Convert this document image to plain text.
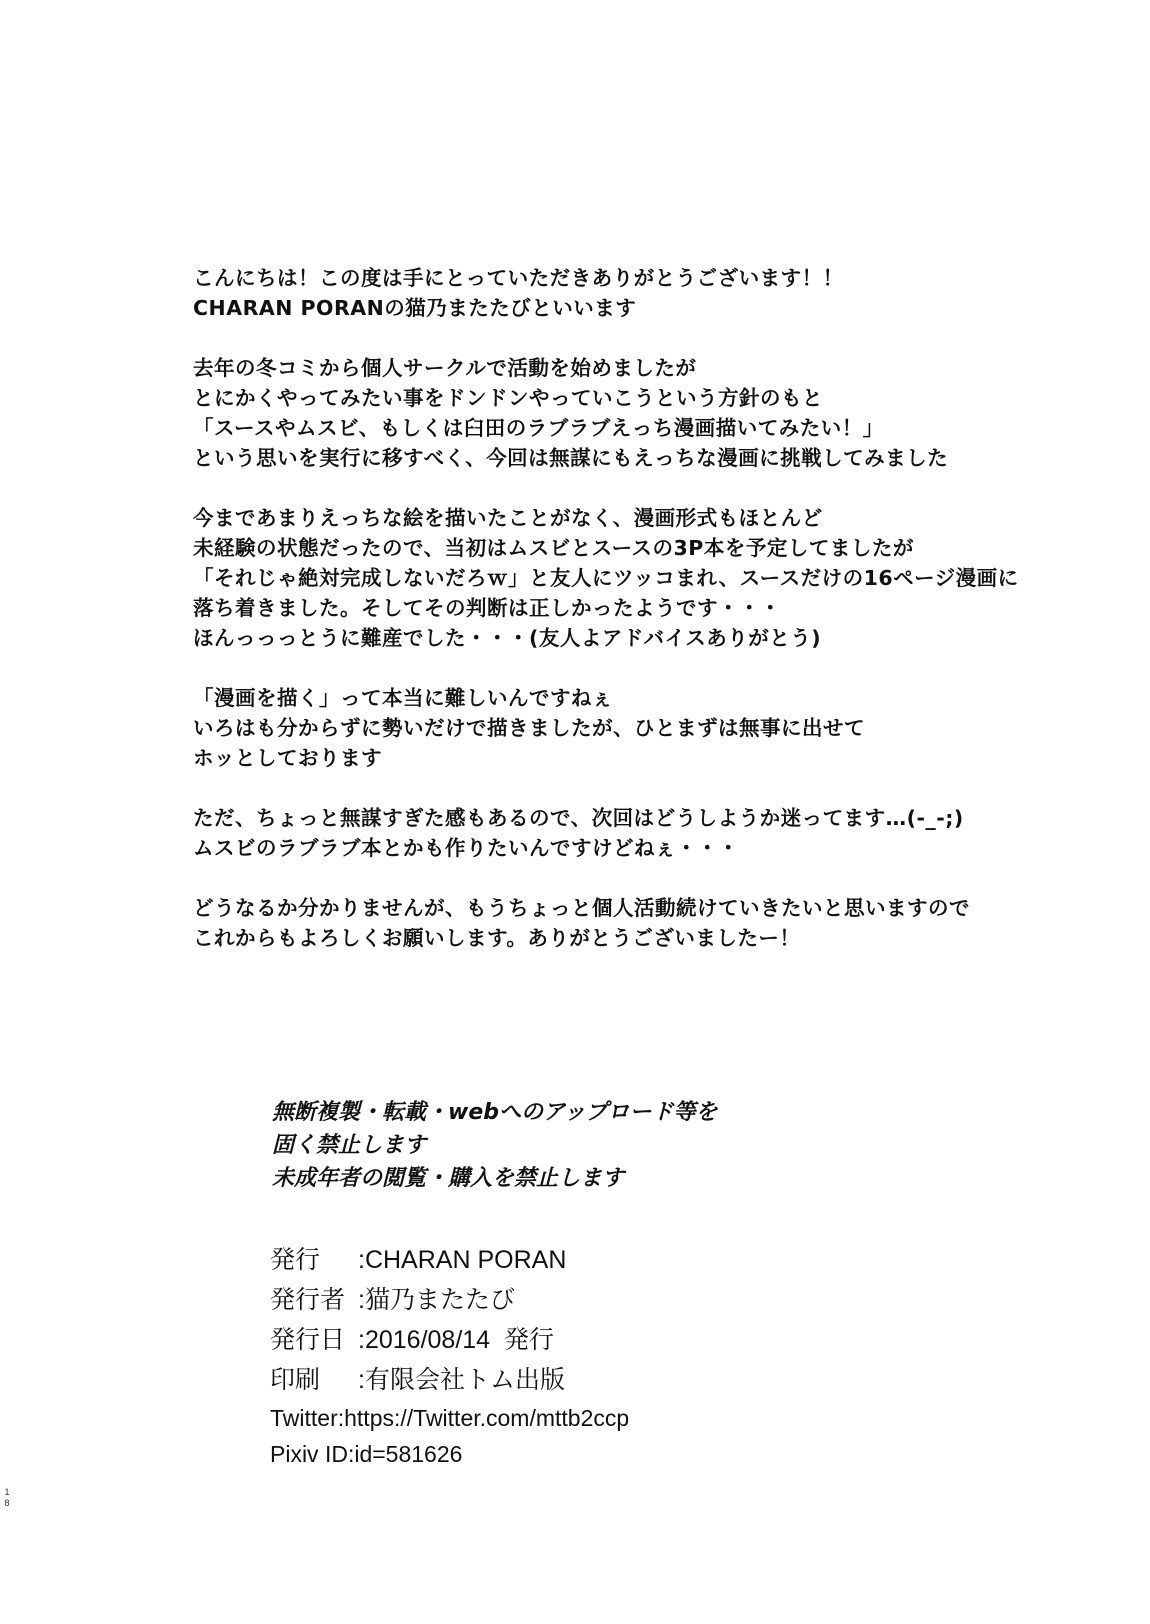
こんにちは！この度は手にとっていただきありがとうございます！！
CHARAN PORANの猫乃またたびといいます
去年の冬コミから個人サークルで活動を始めましたが
とにかくやってみたい事をドンドンやっていこうという方針のもと
「スースやムスビ、もしくは臼田のラブラブえっち漫画描いてみたい！」
という思いを実行に移すべく、今回は無謀にもえっちな漫画に挑戦してみました
今まであまりえっちな絵を描いたことがなく、漫画形式もほとんど
未経験の状態だったので、当初はムスビとスースの3P本を予定してましたが
「それじゃ絶対完成しないだろｗ」と友人にツッコまれ、スースだけの16ページ漫画に
落ち着きました。そしてその判断は正しかったようです・・・
ほんっっっとうに難産でした・・・(友人よアドバイスありがとう)
「漫画を描く」って本当に難しいんですねぇ
いろはも分からずに勢いだけで描きましたが、ひとまずは無事に出せて
ホッとしております
ただ、ちょっと無謀すぎた感もあるので、次回はどうしようか迷ってます…(-_-;)
ムスビのラブラブ本とかも作りたいんですけどねぇ・・・
どうなるか分かりませんが、もうちょっと個人活動続けていきたいと思いますので
これからもよろしくお願いします。ありがとうございましたー！
無断複製・転載・webへのアップロード等を
固く禁止します
未成年者の閲覧・購入を禁止します
発行 :CHARAN PORAN
発行者 :猫乃またたび
発行日 :2016/08/14  発行
印刷 :有限会社トム出版
Twitter:https://Twitter.com/mttb2ccp
Pixiv ID:id=581626
1
8
